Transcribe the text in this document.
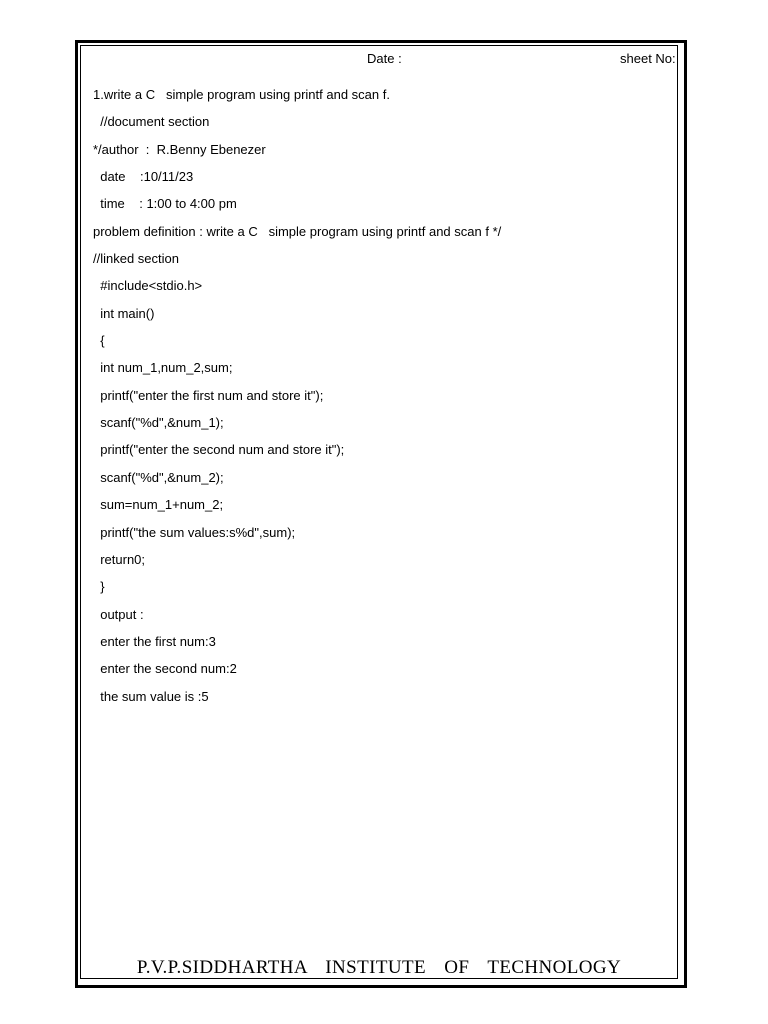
Date :	sheet No:
1.write a C   simple program using printf and scan f.
//document section
*/author  :  R.Benny Ebenezer
date    :10/11/23
time    : 1:00 to 4:00 pm
problem definition : write a C   simple program using printf and scan f */
//linked section
#include<stdio.h>
int main()
{
int num_1,num_2,sum;
printf("enter the first num and store it");
scanf("%d",&num_1);
printf("enter the second num and store it");
scanf("%d",&num_2);
sum=num_1+num_2;
printf("the sum values:s%d",sum);
return0;
}
output :
enter the first num:3
enter the second num:2
the sum value is :5
P.V.P.SIDDHARTHA  INSTITUTE  OF  TECHNOLOGY
